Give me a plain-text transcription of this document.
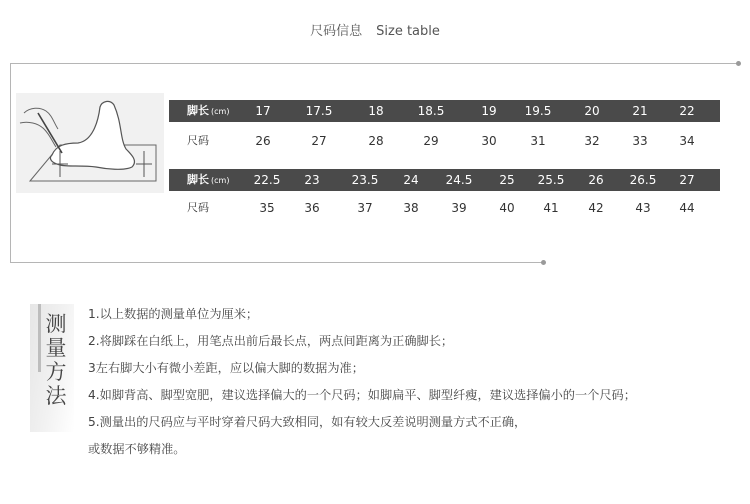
尺码信息 Size table
脚长 (cm) 17	17.5	18	18.5	19 19.5	20	21	22
尺码	26	27	28	29	30	31	32	33	34
脚长 (cm) 22.5 23	23.5 24 24.5 25 25.5 26 26.5 27
尺码	35 36	37	38	39	40 41 42	43 44
测量方法
1.以上数据的测量单位为厘米；
2.将脚踩在白纸上，用笔点出前后最长点，两点间距离为正确脚长；
3左右脚大小有微小差距，应以偏大脚的数据为准；
4.如脚背高、脚型宽肥，建议选择偏大的一个尺码；如脚扁平、脚型纤瘦，建议选择偏小的一个尺码；
5.测量出的尺码应与平时穿着尺码大致相同，如有较大反差说明测量方式不正确，
或数据不够精准。
